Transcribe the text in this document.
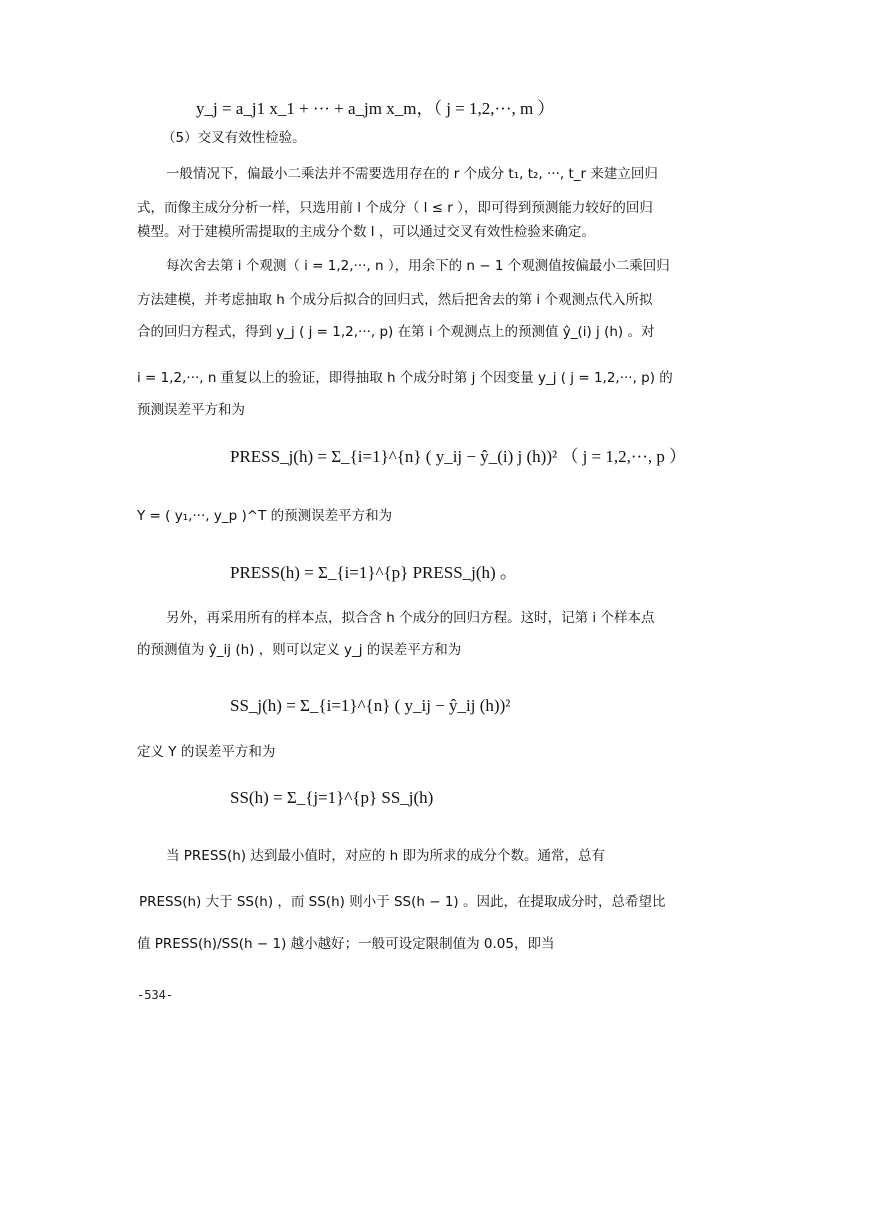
y_j = a_j1 x_1 + ··· + a_jm x_m，（ j = 1,2,···, m ）
（5）交叉有效性检验。
一般情况下，偏最小二乘法并不需要选用存在的 r 个成分 t₁, t₂, ···, t_r 来建立回归
式，而像主成分分析一样，只选用前 l 个成分（ l ≤ r ），即可得到预测能力较好的回归
模型。对于建模所需提取的主成分个数 l ，可以通过交叉有效性检验来确定。
每次舍去第 i 个观测（ i = 1,2,···, n ），用余下的 n − 1 个观测值按偏最小二乘回归
方法建模，并考虑抽取 h 个成分后拟合的回归式，然后把舍去的第 i 个观测点代入所拟
合的回归方程式，得到 y_j ( j = 1,2,···, p) 在第 i 个观测点上的预测值 ŷ_(i) j (h) 。对
i = 1,2,···, n 重复以上的验证，即得抽取 h 个成分时第 j 个因变量 y_j ( j = 1,2,···, p) 的
预测误差平方和为
PRESS_j(h) = Σ_{i=1}^{n} ( y_ij − ŷ_(i) j (h))² （ j = 1,2,···, p ）
Y = ( y₁,···, y_p )^T 的预测误差平方和为
PRESS(h) = Σ_{i=1}^{p} PRESS_j(h) 。
另外，再采用所有的样本点，拟合含 h 个成分的回归方程。这时，记第 i 个样本点
的预测值为 ŷ_ij (h) ，则可以定义 y_j 的误差平方和为
SS_j(h) = Σ_{i=1}^{n} ( y_ij − ŷ_ij (h))²
定义 Y 的误差平方和为
SS(h) = Σ_{j=1}^{p} SS_j(h)
当 PRESS(h) 达到最小值时，对应的 h 即为所求的成分个数。通常，总有
PRESS(h) 大于 SS(h) ，而 SS(h) 则小于 SS(h − 1) 。因此，在提取成分时，总希望比
值 PRESS(h)/SS(h − 1) 越小越好；一般可设定限制值为 0.05，即当
-534-
